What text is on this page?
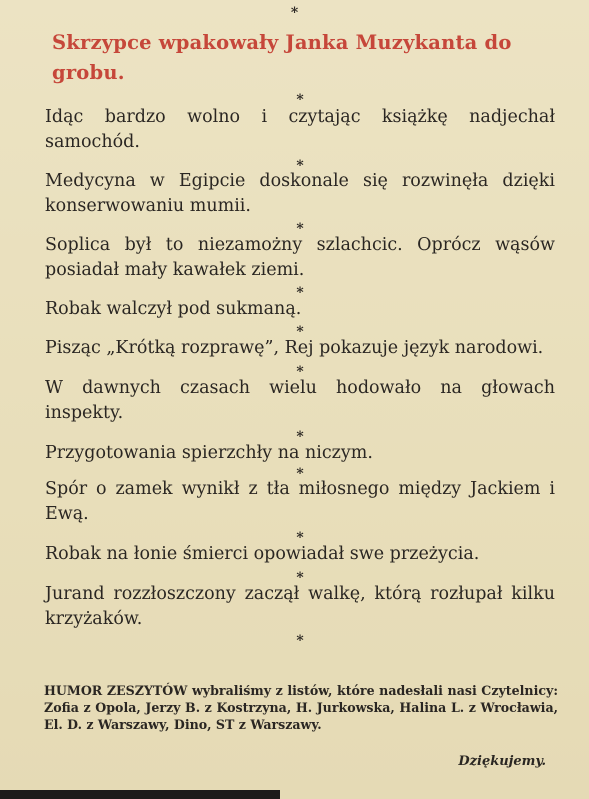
*
Skrzypce wpakowały Janka Muzykanta do grobu.
*

Idąc bardzo wolno i czytając książkę nadjechał samochód.

*

Medycyna w Egipcie doskonale się rozwinęła dzięki konserwowaniu mumii.

*

Soplica był to niezamożny szlachcic. Oprócz wąsów posiadał mały kawałek ziemi.

*

Robak walczył pod sukmaną.

*

Pisząc „Krótką rozprawę”, Rej pokazuje język narodowi.

*

W dawnych czasach wielu hodowało na głowach inspekty.

*

Przygotowania spierzchły na niczym.

*

Spór o zamek wynikł z tła miłosnego między Jackiem i Ewą.

*

Robak na łonie śmierci opowiadał swe przeżycia.

*

Jurand rozzłoszczony zaczął walkę, którą rozłupał kilku krzyżaków.

*
HUMOR ZESZYTÓW wybraliśmy z listów, które nadesłali nasi Czytelnicy: Zofia z Opola, Jerzy B. z Kostrzyna, H. Jurkowska, Halina L. z Wrocławia, El. D. z Warszawy, Dino, ST z Warszawy.
Dziękujemy.
